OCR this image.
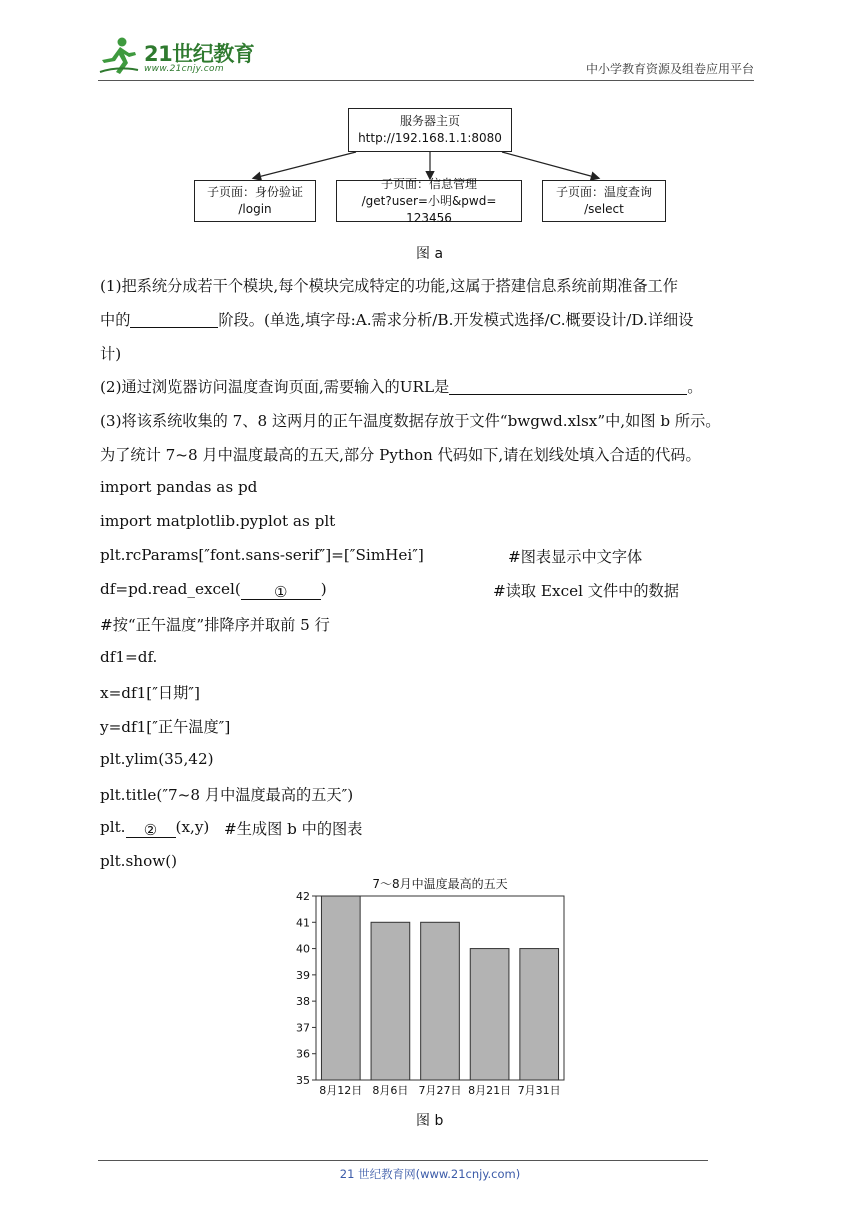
21世纪教育
www.21cnjy.com	中小学教育资源及组卷应用平台
服务器主页
http://192.168.1.1:8080
子页面：身份验证
/login
子页面：信息管理
/get?user=小明&pwd= 123456
子页面：温度查询
/select
图 a
(1)把系统分成若干个模块,每个模块完成特定的功能,这属于搭建信息系统前期准备工作
中的	阶段。(单选,填字母:A.需求分析/B.开发模式选择/C.概要设计/D.详细设
计)
(2)通过浏览器访问温度查询页面,需要输入的URL是	。
(3)将该系统收集的 7、8 这两月的正午温度数据存放于文件“bwgwd.xlsx”中,如图 b 所示。
为了统计 7~8 月中温度最高的五天,部分 Python 代码如下,请在划线处填入合适的代码。
import pandas as pd
import matplotlib.pyplot as plt
plt.rcParams[″font.sans-serif″]=[″SimHei″]	#图表显示中文字体
df=pd.read_excel( ① )	#读取 Excel 文件中的数据
#按“正午温度”排降序并取前 5 行
df1=df.
x=df1[″日期″]
y=df1[″正午温度″]
plt.ylim(35,42)
plt.title(″7~8 月中温度最高的五天″)
plt. ② (x,y) #生成图 b 中的图表
plt.show()
7～8月中温度最高的五天
8月12日 8月6日 7月27日 8月21日 7月31日
35
36
37
38
39
40
41
42
图 b
21 世纪教育网(www.21cnjy.com)
